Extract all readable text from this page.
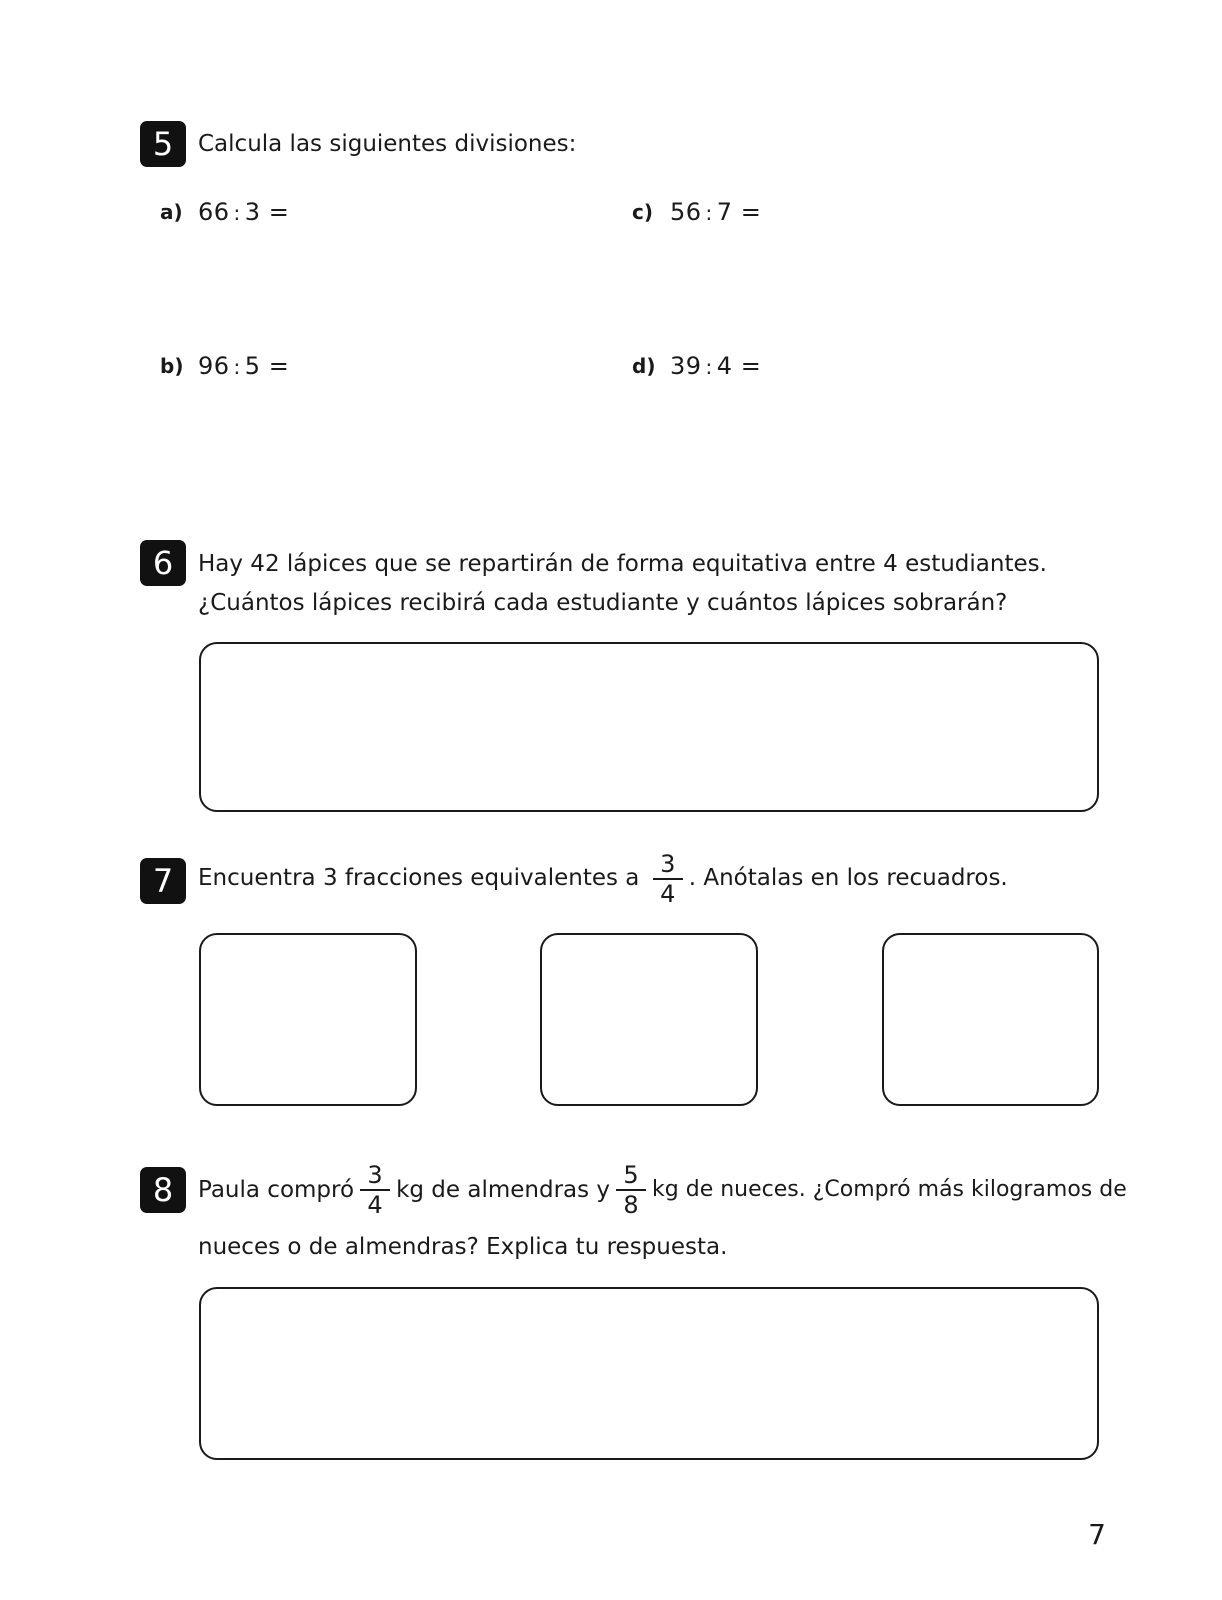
5	Calcula las siguientes divisiones:
a) 66 : 3 =
b) 96 : 5 =
c) 56 : 7 =
d) 39 : 4 =
6	Hay 42 lápices que se repartirán de forma equitativa entre 4 estudiantes.
¿Cuántos lápices recibirá cada estudiante y cuántos lápices sobrarán?
7	Encuentra 3 fracciones equivalentes a $\frac{3}{4}$ . Anótalas en los recuadros.
8	Paula compró $\frac{3}{4}$ kg de almendras y $\frac{5}{8}$ kg de nueces. ¿Compró más kilogramos de
nueces o de almendras? Explica tu respuesta.
7
